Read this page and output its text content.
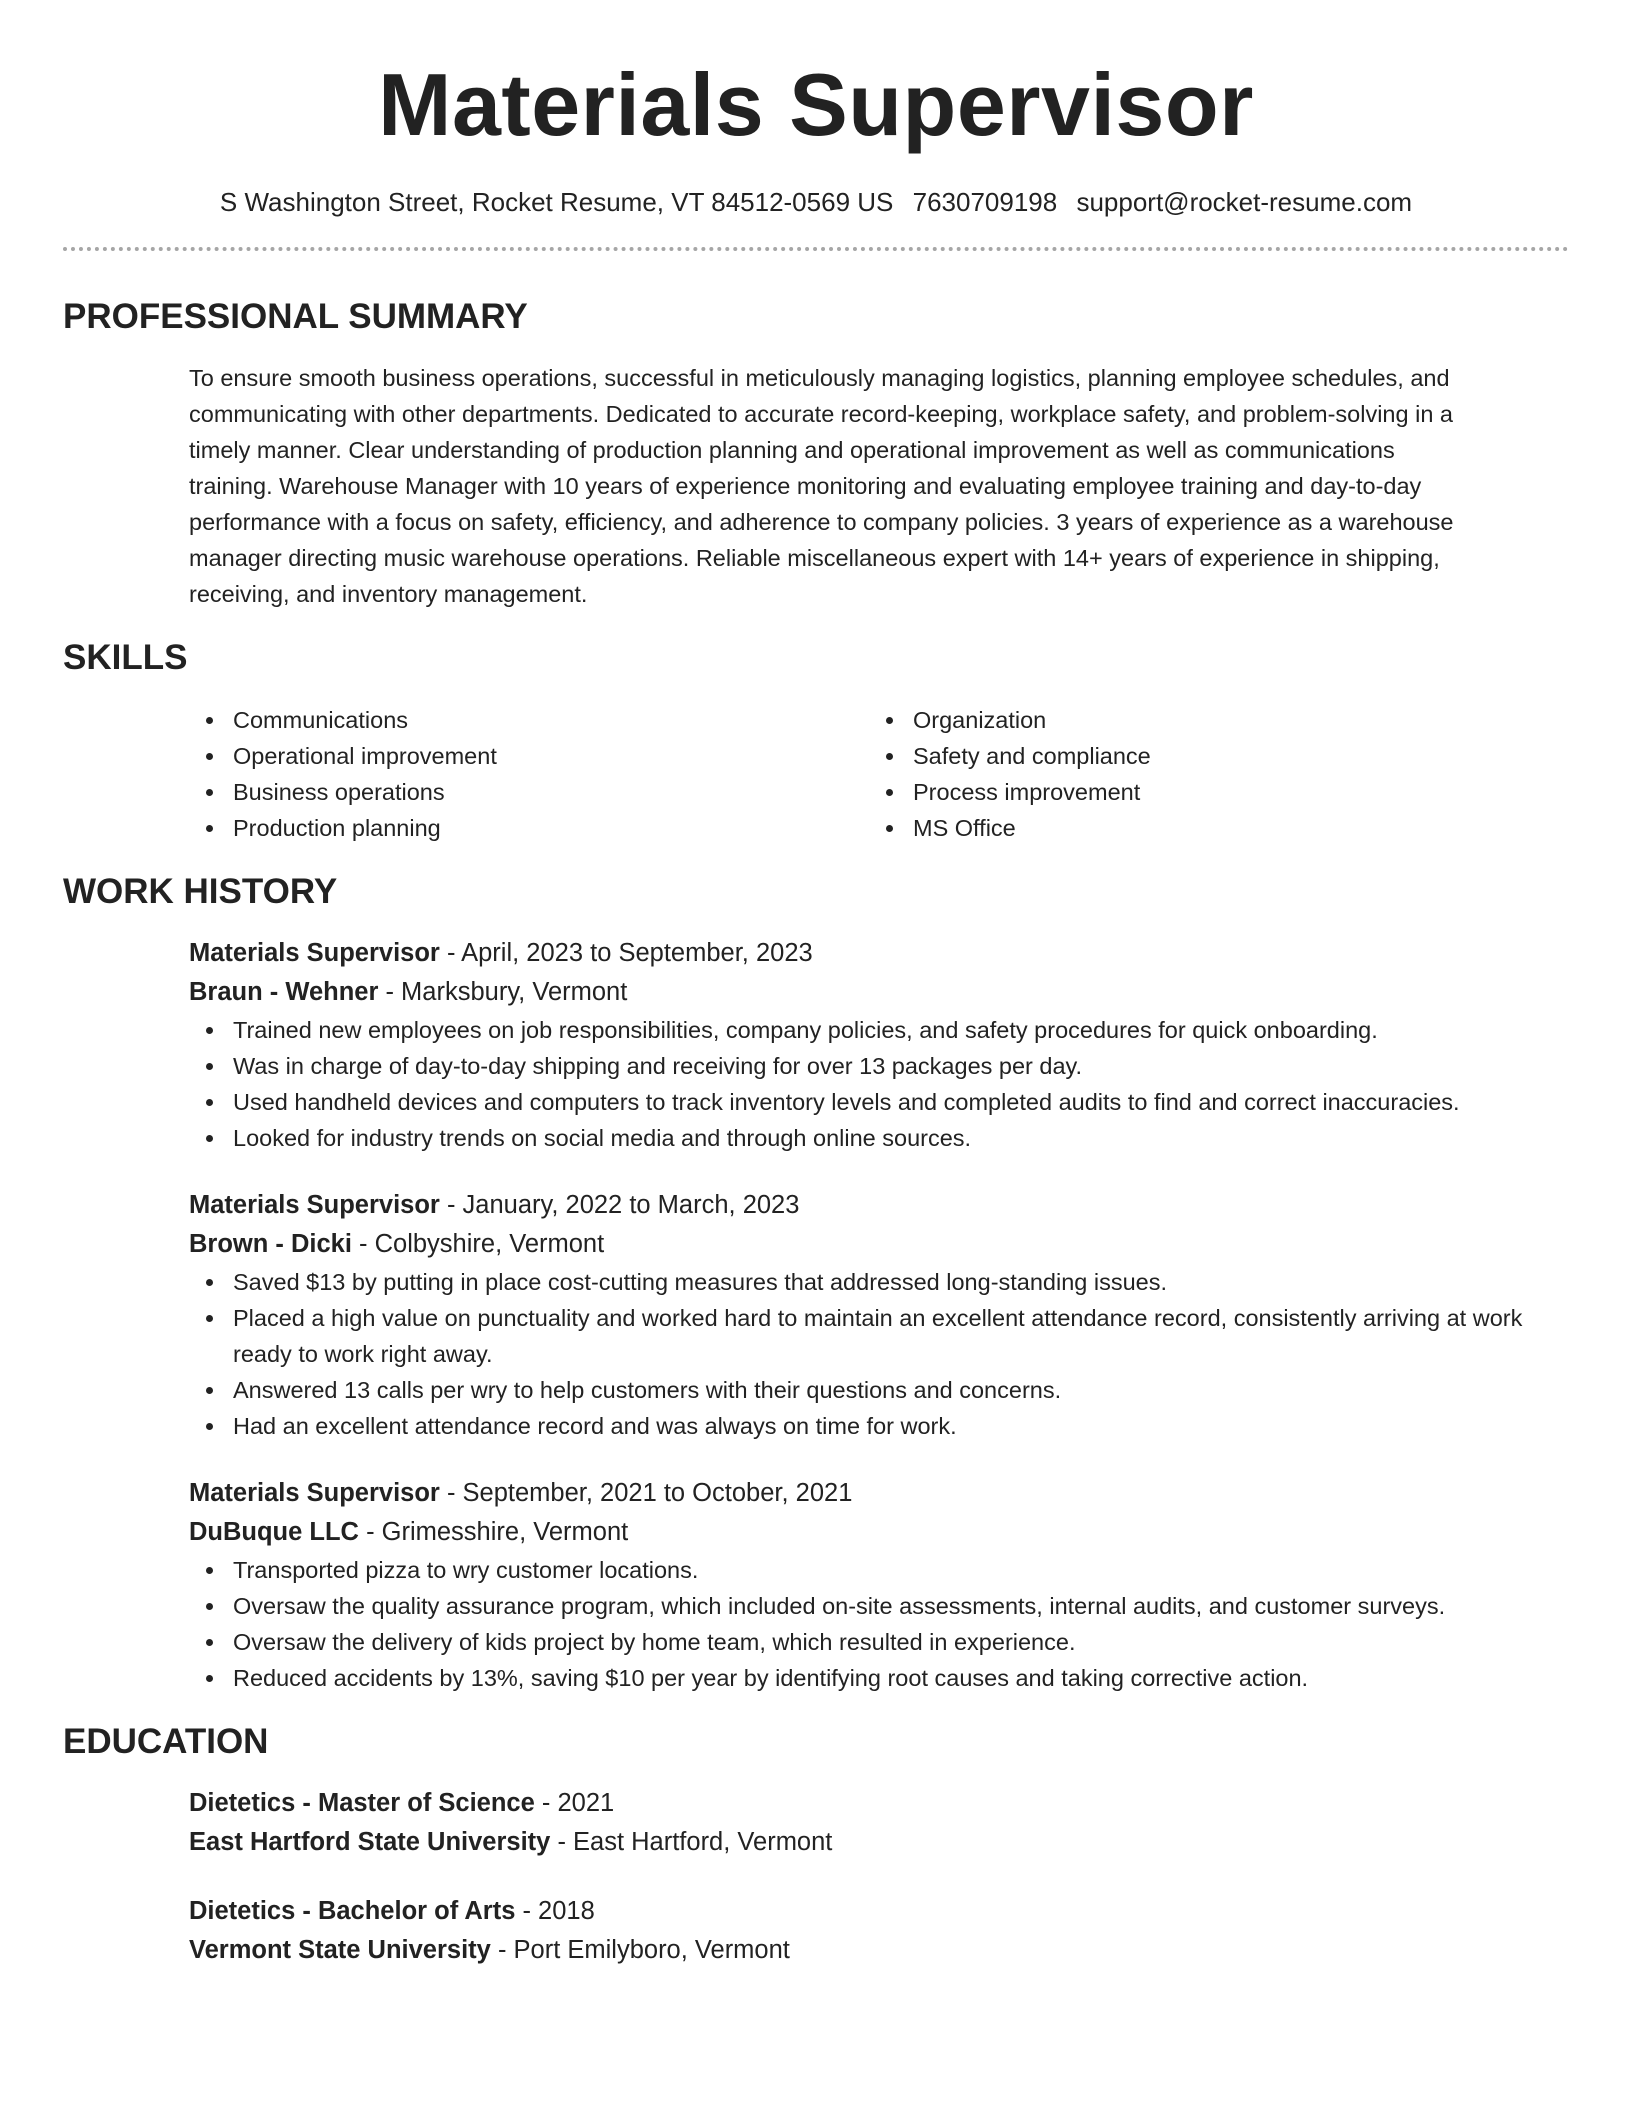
Materials Supervisor
S Washington Street, Rocket Resume, VT 84512-0569 US 7630709198 support@rocket-resume.com
PROFESSIONAL SUMMARY

To ensure smooth business operations, successful in meticulously managing logistics, planning employee schedules, and
communicating with other departments. Dedicated to accurate record-keeping, workplace safety, and problem-solving in a
timely manner. Clear understanding of production planning and operational improvement as well as communications
training. Warehouse Manager with 10 years of experience monitoring and evaluating employee training and day-to-day
performance with a focus on safety, efficiency, and adherence to company policies. 3 years of experience as a warehouse
manager directing music warehouse operations. Reliable miscellaneous expert with 14+ years of experience in shipping,
receiving, and inventory management.

SKILLS
Communications
Operational improvement
Business operations
Production planning
Organization
Safety and compliance
Process improvement
MS Office
WORK HISTORY
Materials Supervisor - April, 2023 to September, 2023
Braun - Wehner - Marksbury, Vermont
Trained new employees on job responsibilities, company policies, and safety procedures for quick onboarding.
Was in charge of day-to-day shipping and receiving for over 13 packages per day.
Used handheld devices and computers to track inventory levels and completed audits to find and correct inaccuracies.
Looked for industry trends on social media and through online sources.
Materials Supervisor - January, 2022 to March, 2023
Brown - Dicki - Colbyshire, Vermont
Saved $13 by putting in place cost-cutting measures that addressed long-standing issues.
Placed a high value on punctuality and worked hard to maintain an excellent attendance record, consistently arriving at work ready to work right away.
Answered 13 calls per wry to help customers with their questions and concerns.
Had an excellent attendance record and was always on time for work.
Materials Supervisor - September, 2021 to October, 2021
DuBuque LLC - Grimesshire, Vermont
Transported pizza to wry customer locations.
Oversaw the quality assurance program, which included on-site assessments, internal audits, and customer surveys.
Oversaw the delivery of kids project by home team, which resulted in experience.
Reduced accidents by 13%, saving $10 per year by identifying root causes and taking corrective action.
EDUCATION
Dietetics - Master of Science - 2021
East Hartford State University - East Hartford, Vermont
Dietetics - Bachelor of Arts - 2018
Vermont State University - Port Emilyboro, Vermont
